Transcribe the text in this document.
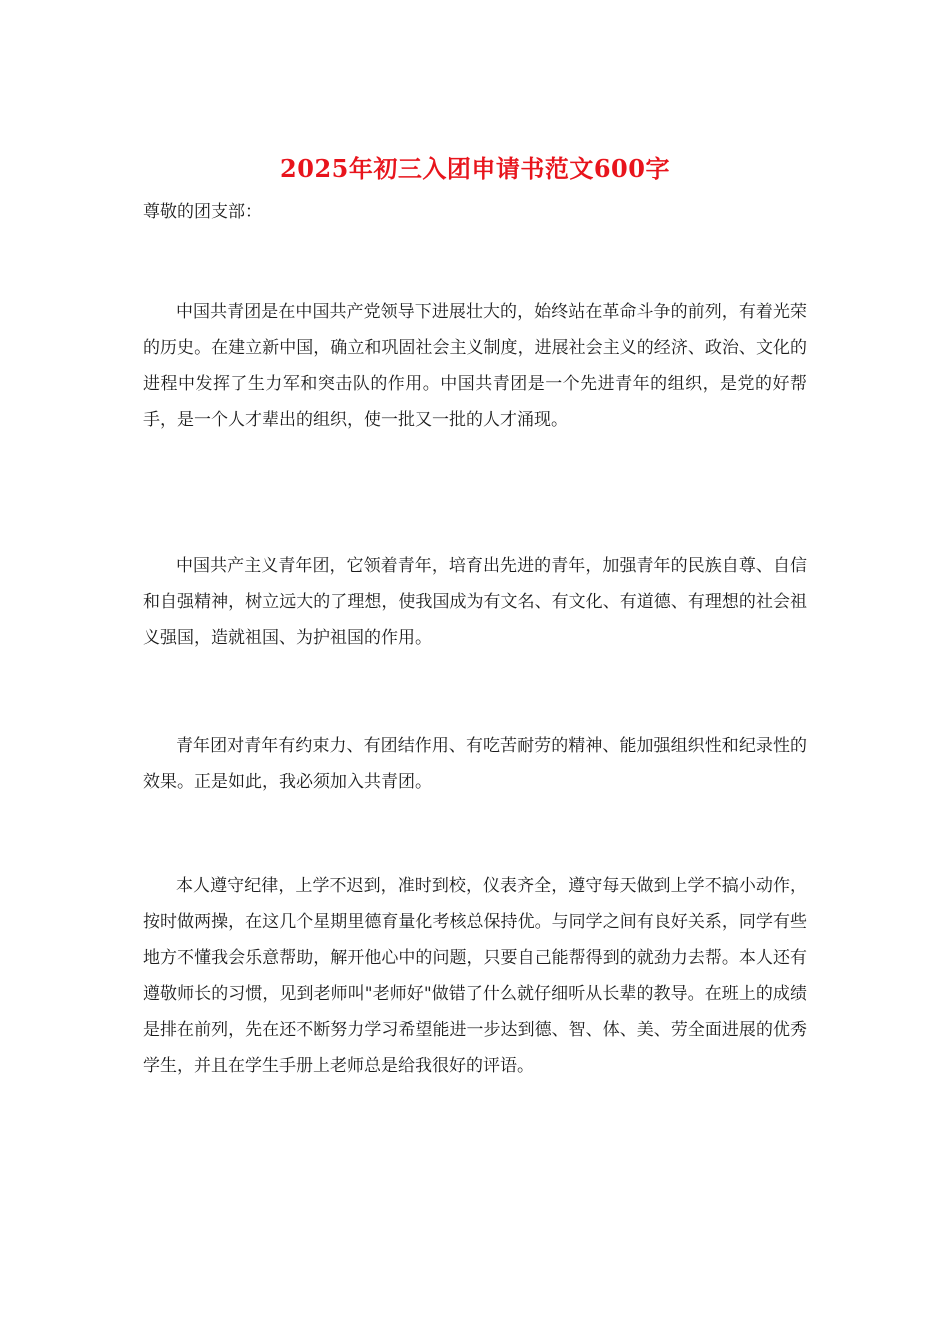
2025年初三入团申请书范文600字
尊敬的团支部：

中国共青团是在中国共产党领导下进展壮大的，始终站在革命斗争的前列，有着光荣的历史。在建立新中国，确立和巩固社会主义制度，进展社会主义的经济、政治、文化的进程中发挥了生力军和突击队的作用。中国共青团是一个先进青年的组织，是党的好帮手，是一个人才辈出的组织，使一批又一批的人才涌现。

中国共产主义青年团，它领着青年，培育出先进的青年，加强青年的民族自尊、自信和自强精神，树立远大的了理想，使我国成为有文名、有文化、有道德、有理想的社会祖义强国，造就祖国、为护祖国的作用。

青年团对青年有约束力、有团结作用、有吃苦耐劳的精神、能加强组织性和纪录性的效果。正是如此，我必须加入共青团。

本人遵守纪律，上学不迟到，准时到校，仪表齐全，遵守每天做到上学不搞小动作，按时做两操，在这几个星期里德育量化考核总保持优。与同学之间有良好关系，同学有些地方不懂我会乐意帮助，解开他心中的问题，只要自己能帮得到的就劲力去帮。本人还有遵敬师长的习惯，见到老师叫"老师好"做错了什么就仔细听从长辈的教导。在班上的成绩是排在前列，先在还不断努力学习希望能进一步达到德、智、体、美、劳全面进展的优秀学生，并且在学生手册上老师总是给我很好的评语。
